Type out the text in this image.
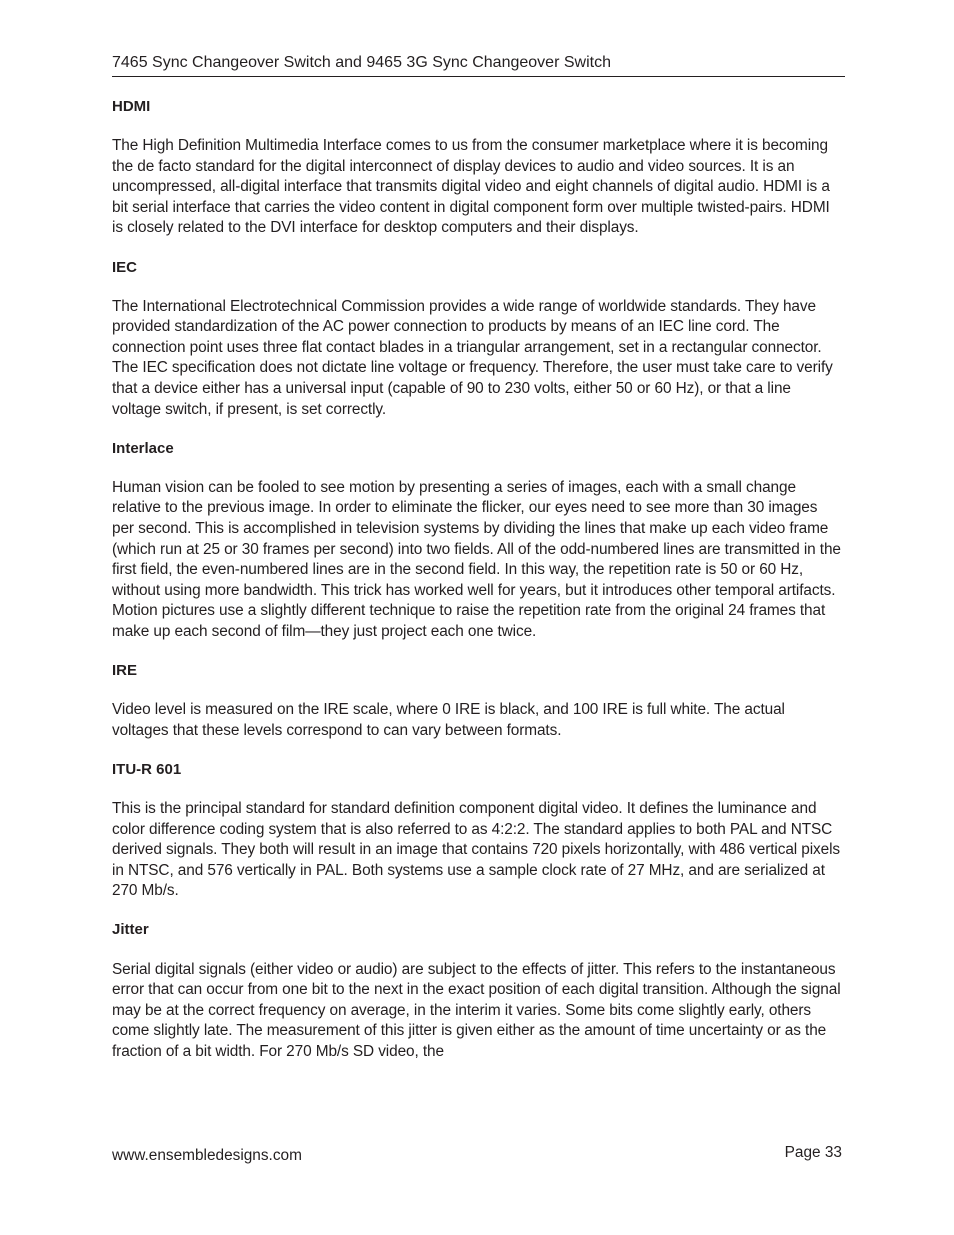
7465 Sync Changeover Switch and 9465 3G Sync Changeover Switch
HDMI

The High Definition Multimedia Interface comes to us from the consumer marketplace where it is becoming the de facto standard for the digital interconnect of display devices to audio and video sources. It is an uncompressed, all-digital interface that transmits digital video and eight channels of digital audio. HDMI is a bit serial interface that carries the video content in digital component form over multiple twisted-pairs. HDMI is closely related to the DVI interface for desktop computers and their displays.

IEC

The International Electrotechnical Commission provides a wide range of worldwide standards. They have provided standardization of the AC power connection to products by means of an IEC line cord. The connection point uses three flat contact blades in a triangular arrangement, set in a rectangular connector. The IEC specification does not dictate line voltage or frequency. Therefore, the user must take care to verify that a device either has a universal input (capable of 90 to 230 volts, either 50 or 60 Hz), or that a line voltage switch, if present, is set correctly.

Interlace

Human vision can be fooled to see motion by presenting a series of images, each with a small change relative to the previous image. In order to eliminate the flicker, our eyes need to see more than 30 images per second. This is accomplished in television systems by dividing the lines that make up each video frame (which run at 25 or 30 frames per second) into two fields. All of the odd-numbered lines are transmitted in the first field, the even-numbered lines are in the second field. In this way, the repetition rate is 50 or 60 Hz, without using more bandwidth. This trick has worked well for years, but it introduces other temporal artifacts. Motion pictures use a slightly different technique to raise the repetition rate from the original 24 frames that make up each second of film—they just project each one twice.

IRE

Video level is measured on the IRE scale, where 0 IRE is black, and 100 IRE is full white. The actual voltages that these levels correspond to can vary between formats.

ITU-R 601

This is the principal standard for standard definition component digital video. It defines the luminance and color difference coding system that is also referred to as 4:2:2. The standard applies to both PAL and NTSC derived signals. They both will result in an image that contains 720 pixels horizontally, with 486 vertical pixels in NTSC, and 576 vertically in PAL. Both systems use a sample clock rate of 27 MHz, and are serialized at 270 Mb/s.

Jitter

Serial digital signals (either video or audio) are subject to the effects of jitter. This refers to the instantaneous error that can occur from one bit to the next in the exact position of each digital transition. Although the signal may be at the correct frequency on average, in the interim it varies. Some bits come slightly early, others come slightly late. The measurement of this jitter is given either as the amount of time uncertainty or as the fraction of a bit width. For 270 Mb/s SD video, the

www.ensembledesigns.com	Page 33
